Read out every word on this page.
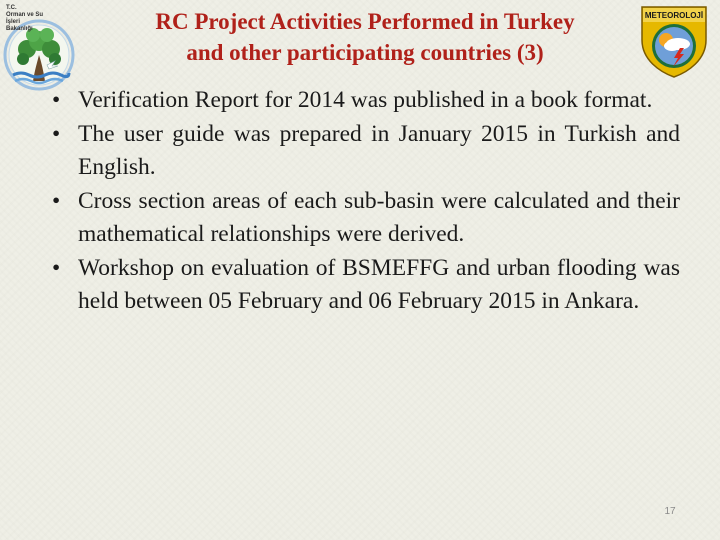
T.C.
Orman ve Su İşleri
Bakanlığı	RC Project Activities Performed in Turkey
and other participating countries (3)
METEOROLOJİ
• Verification Report for 2014 was published in a book format.
• The user guide was prepared in January 2015 in Turkish and English.
• Cross section areas of each sub-basin were calculated and their mathematical relationships were derived.
• Workshop on evaluation of BSMEFFG and urban flooding was held between 05 February and 06 February 2015 in Ankara.
17
